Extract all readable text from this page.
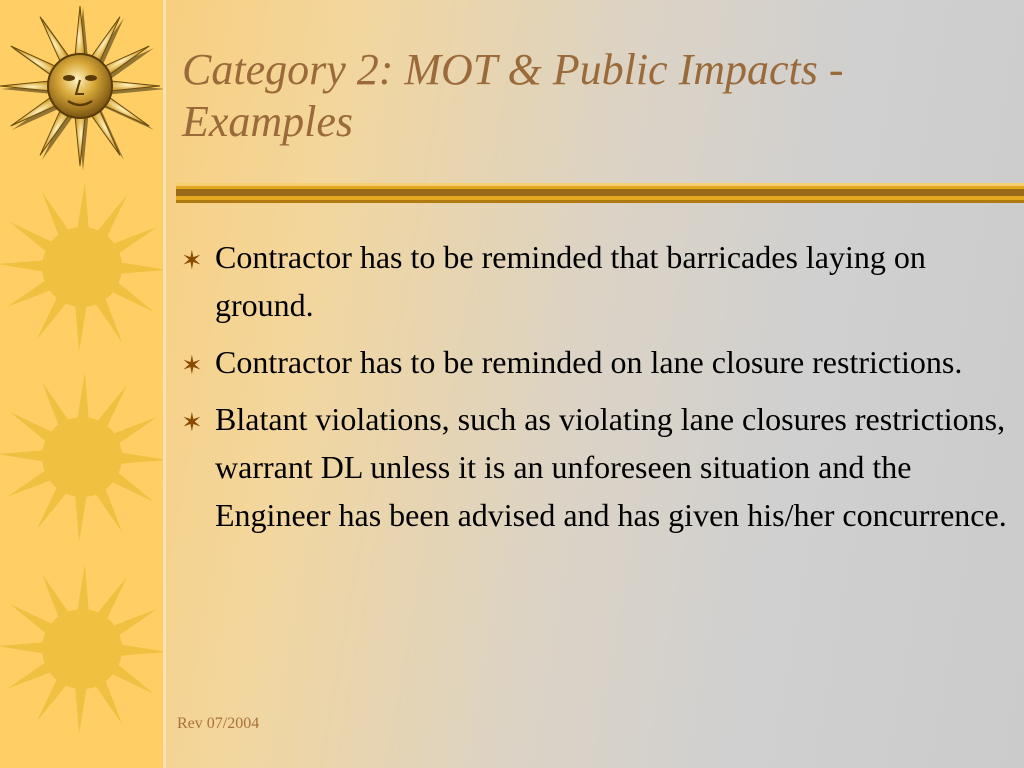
Category 2: MOT & Public Impacts - Examples
✶ Contractor has to be reminded that barricades laying on ground.
✶ Contractor has to be reminded on lane closure restrictions.
✶ Blatant violations, such as violating lane closures restrictions, warrant DL unless it is an unforeseen situation and the Engineer has been advised and has given his/her concurrence.
Rev 07/2004
